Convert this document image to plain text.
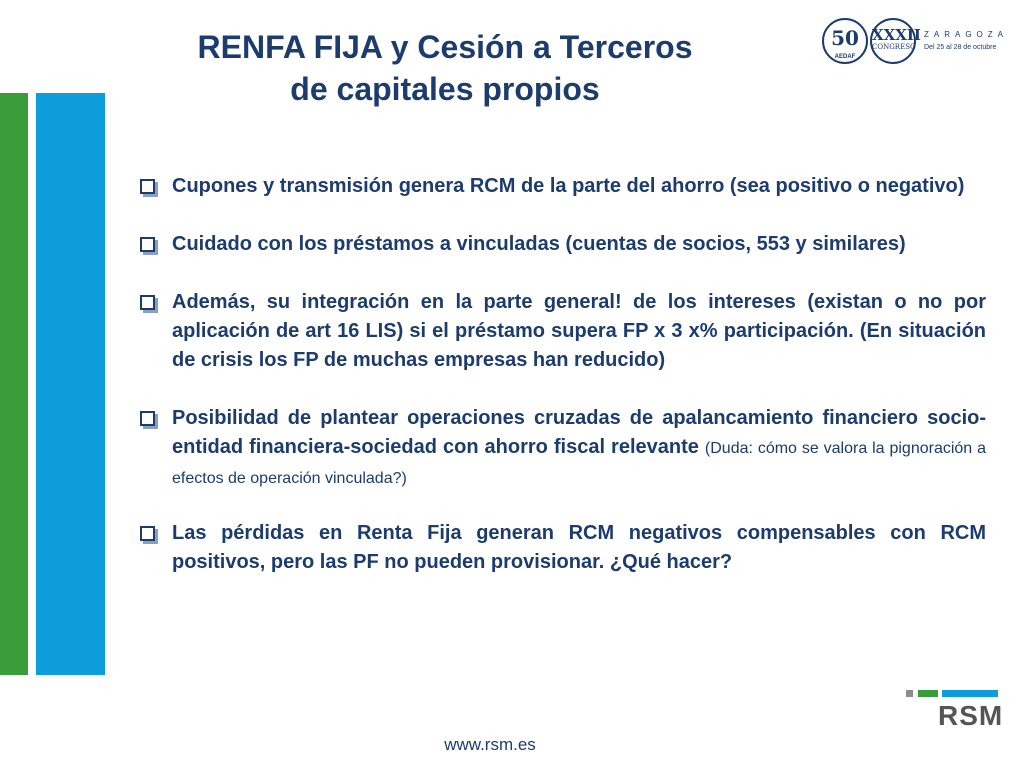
RENFA FIJA y Cesión a Terceros
de capitales propios
50
AEDAF
XXXII
CONGRESO
ZARAGOZA
Del 25 al 28 de octubre

Cupones y transmisión genera RCM de la parte del ahorro (sea positivo o negativo)

Cuidado con los préstamos a vinculadas (cuentas de socios, 553 y similares)

Además, su integración en la parte general! de los intereses (existan o no por aplicación de art 16 LIS) si el préstamo supera FP x 3 x% participación. (En situación de crisis los FP de muchas empresas han reducido)

Posibilidad de plantear operaciones cruzadas de apalancamiento financiero socio-entidad financiera-sociedad con ahorro fiscal relevante (Duda: cómo se valora la pignoración a efectos de operación vinculada?)

Las pérdidas en Renta Fija generan RCM negativos compensables con RCM positivos, pero las PF no pueden provisionar. ¿Qué hacer?

RSM
www.rsm.es
